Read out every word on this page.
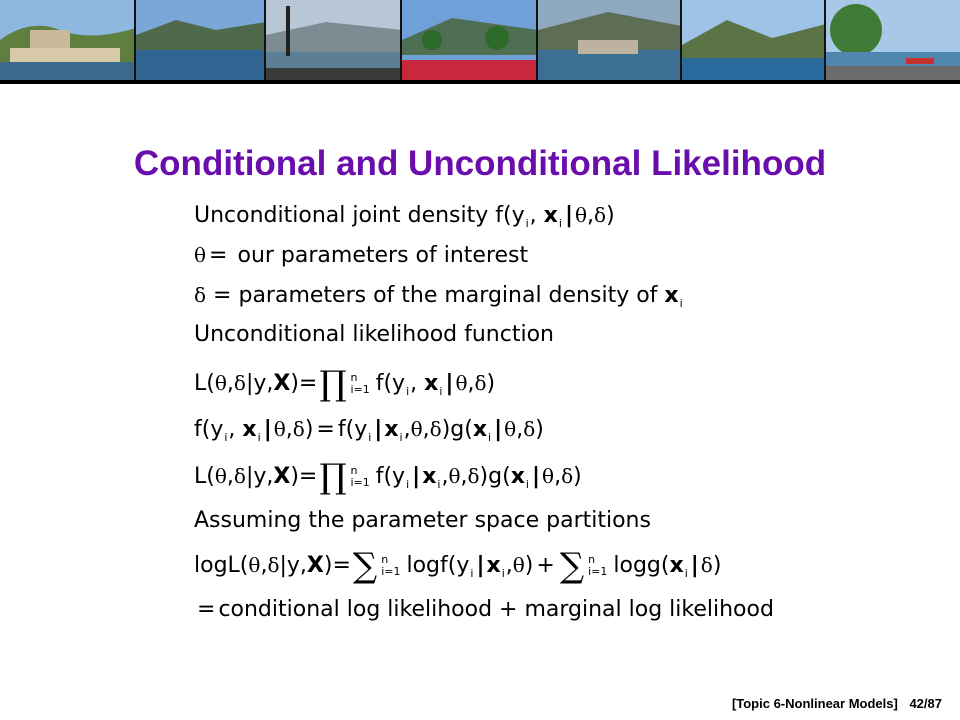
Conditional and Unconditional Likelihood
Unconditional joint density $f(y_i$, $x_i$ | θ,δ)
θ = our parameters of interest
δ = parameters of the marginal density of $x_i$
Unconditional likelihood function
L(θ,δ|y,X)=∏ n
i=1 $f(y_i$, $x_i$ | θ,δ)
$f(y_i$, $x_i$ | $\theta,\delta) = f(y_i$ $|x_i,\theta,\delta)g(x_i$ | θ,δ)
L(θ,δ|y,X)=∏ n
i=1 $f(y_i$ $|x_i,\theta,\delta)g(x_i$ | θ,δ)
Assuming the parameter space partitions
logL(θ,δ|y,X)=∑ n
i=1 $\log f(y_i$ $|x_i,\theta$) + ∑ n
i=1 $\log g(x_i$ | δ)
= conditional log likelihood + marginal log likelihood
[Topic 6-Nonlinear Models] 42/87
